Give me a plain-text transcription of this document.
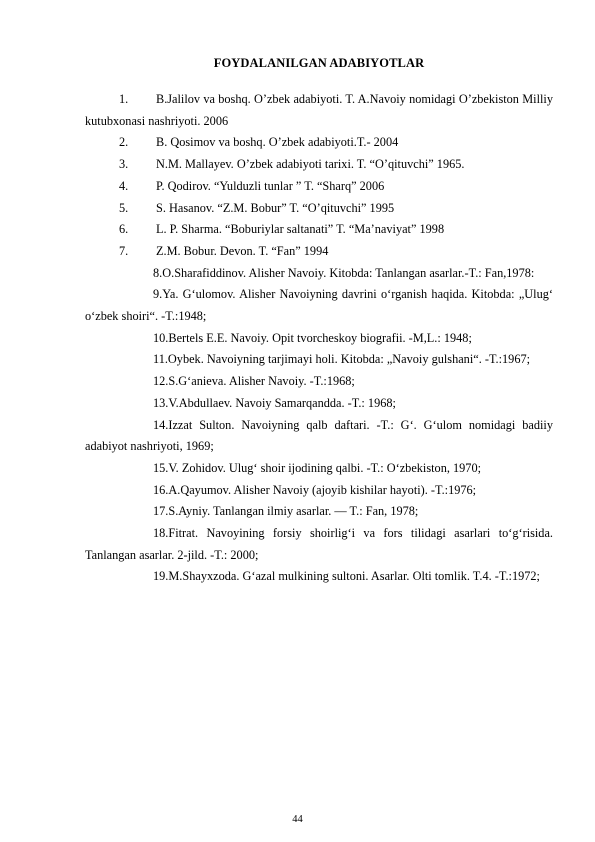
FOYDALANILGAN ADABIYOTLAR
1. B.Jalilov va boshq. O’zbek adabiyoti. T. A.Navoiy nomidagi O’zbekiston Milliy kutubxonasi nashriyoti. 2006
2. B. Qosimov va boshq. O’zbek adabiyoti.T.- 2004
3. N.M. Mallayev. O’zbek adabiyoti tarixi. T. “O’qituvchi” 1965.
4. P. Qodirov. “Yulduzli tunlar ” T. “Sharq” 2006
5. S. Hasanov. “Z.M. Bobur” T. “O’qituvchi” 1995
6. L. P. Sharma. “Boburiylar saltanati” T. “Ma’naviyat” 1998
7. Z.M. Bobur. Devon. T. “Fan” 1994
8.O.Sharafiddinov. Alisher Navoiy. Kitobda: Tanlangan asarlar.-T.: Fan,1978:
9.Ya. G‘ulomov. Alisher Navoiyning davrini o‘rganish haqida. Kitobda: „Ulug‘ o‘zbek shoiri“. -T.:1948;
10.Bertels E.E. Navoiy. Opit tvorcheskoy biografii. -M,L.: 1948;
11.Oybek. Navoiyning tarjimayi holi. Kitobda: „Navoiy gulshani“. -T.:1967;
12.S.G‘anieva. Alisher Navoiy. -T.:1968;
13.V.Abdullaev. Navoiy Samarqandda. -T.: 1968;
14.Izzat Sulton. Navoiyning qalb daftari. -T.: G‘. G‘ulom nomidagi badiiy adabiyot nashriyoti, 1969;
15.V. Zohidov. Ulug‘ shoir ijodining qalbi. -T.: O‘zbekiston, 1970;
16.A.Qayumov. Alisher Navoiy (ajoyib kishilar hayoti). -T.:1976;
17.S.Ayniy. Tanlangan ilmiy asarlar. — T.: Fan, 1978;
18.Fitrat. Navoyining forsiy shoirlig‘i va fors tilidagi asarlari to‘g‘risida. Tanlangan asarlar. 2-jild. -T.: 2000;
19.M.Shayxzoda. G‘azal mulkining sultoni. Asarlar. Olti tomlik. T.4. -T.:1972;
44
